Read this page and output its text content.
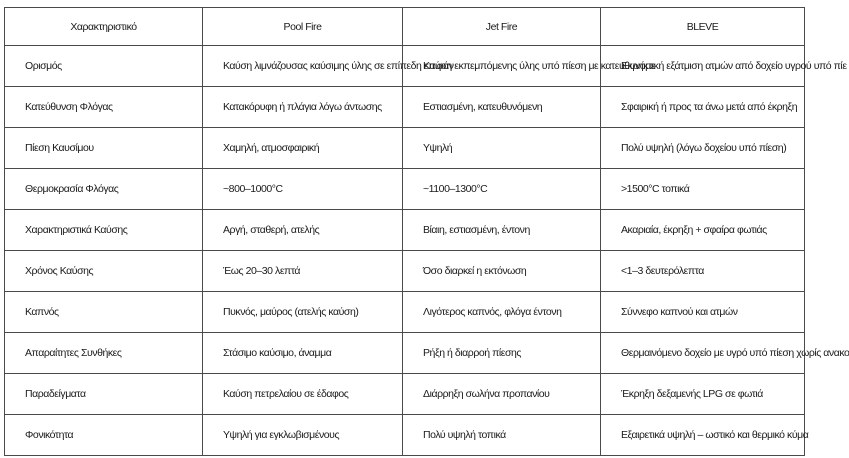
Χαρακτηριστικό	Pool Fire	Jet Fire	BLEVE
Ορισμός	Καύση λιμνάζουσας καύσιμης ύλης σε επίπεδη επιφάν	Καύση εκπεμπόμενης ύλης υπό πίεση με κατευθυνόμε	Εκρηκτική εξάτμιση ατμών από δοχείο υγρού υπό πίε
Κατεύθυνση Φλόγας	Κατακόρυφη ή πλάγια λόγω άντωσης	Εστιασμένη, κατευθυνόμενη	Σφαιρική ή προς τα άνω μετά από έκρηξη
Πίεση Καυσίμου	Χαμηλή, ατμοσφαιρική	Υψηλή	Πολύ υψηλή (λόγω δοχείου υπό πίεση)
Θερμοκρασία Φλόγας	~800–1000°C	~1100–1300°C	>1500°C τοπικά
Χαρακτηριστικά Καύσης	Αργή, σταθερή, ατελής	Βίαιη, εστιασμένη, έντονη	Ακαριαία, έκρηξη + σφαίρα φωτιάς
Χρόνος Καύσης	Έως 20–30 λεπτά	Όσο διαρκεί η εκτόνωση	<1–3 δευτερόλεπτα
Καπνός	Πυκνός, μαύρος (ατελής καύση)	Λιγότερος καπνός, φλόγα έντονη	Σύννεφο καπνού και ατμών
Απαραίτητες Συνθήκες	Στάσιμο καύσιμο, άναμμα	Ρήξη ή διαρροή πίεσης	Θερμαινόμενο δοχείο με υγρό υπό πίεση χωρίς ανακο
Παραδείγματα	Καύση πετρελαίου σε έδαφος	Διάρρηξη σωλήνα προπανίου	Έκρηξη δεξαμενής LPG σε φωτιά
Φονικότητα	Υψηλή για εγκλωβισμένους	Πολύ υψηλή τοπικά	Εξαιρετικά υψηλή – ωστικό και θερμικό κύμα
